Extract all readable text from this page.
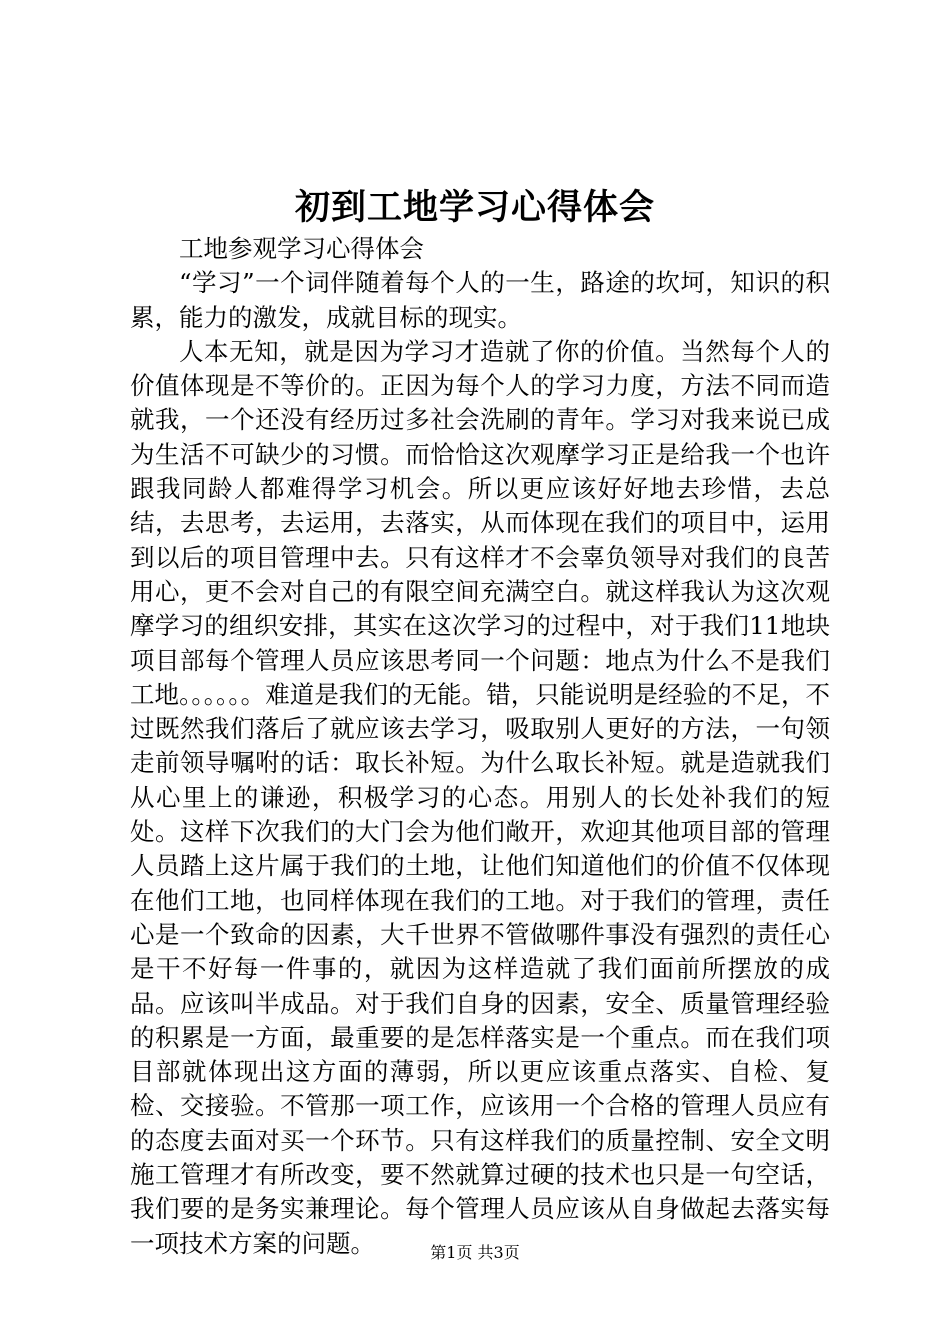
初到工地学习心得体会

工地参观学习心得体会

“学习”一个词伴随着每个人的一生，路途的坎坷，知识的积累，能力的激发，成就目标的现实。

人本无知，就是因为学习才造就了你的价值。当然每个人的价值体现是不等价的。正因为每个人的学习力度，方法不同而造就我，一个还没有经历过多社会洗刷的青年。学习对我来说已成为生活不可缺少的习惯。而恰恰这次观摩学习正是给我一个也许跟我同龄人都难得学习机会。所以更应该好好地去珍惜，去总结，去思考，去运用，去落实，从而体现在我们的项目中，运用到以后的项目管理中去。只有这样才不会辜负领导对我们的良苦用心，更不会对自己的有限空间充满空白。就这样我认为这次观摩学习的组织安排，其实在这次学习的过程中，对于我们11地块项目部每个管理人员应该思考同一个问题：地点为什么不是我们工地。。。。。。难道是我们的无能。错，只能说明是经验的不足，不过既然我们落后了就应该去学习，吸取别人更好的方法，一句领走前领导嘱咐的话：取长补短。为什么取长补短。就是造就我们从心里上的谦逊，积极学习的心态。用别人的长处补我们的短处。这样下次我们的大门会为他们敞开，欢迎其他项目部的管理人员踏上这片属于我们的土地，让他们知道他们的价值不仅体现在他们工地，也同样体现在我们的工地。对于我们的管理，责任心是一个致命的因素，大千世界不管做哪件事没有强烈的责任心是干不好每一件事的，就因为这样造就了我们面前所摆放的成品。应该叫半成品。对于我们自身的因素，安全、质量管理经验的积累是一方面，最重要的是怎样落实是一个重点。而在我们项目部就体现出这方面的薄弱，所以更应该重点落实、自检、复检、交接验。不管那一项工作，应该用一个合格的管理人员应有的态度去面对买一个环节。只有这样我们的质量控制、安全文明施工管理才有所改变，要不然就算过硬的技术也只是一句空话，我们要的是务实兼理论。每个管理人员应该从自身做起去落实每一项技术方案的问题。	第1页 共3页
